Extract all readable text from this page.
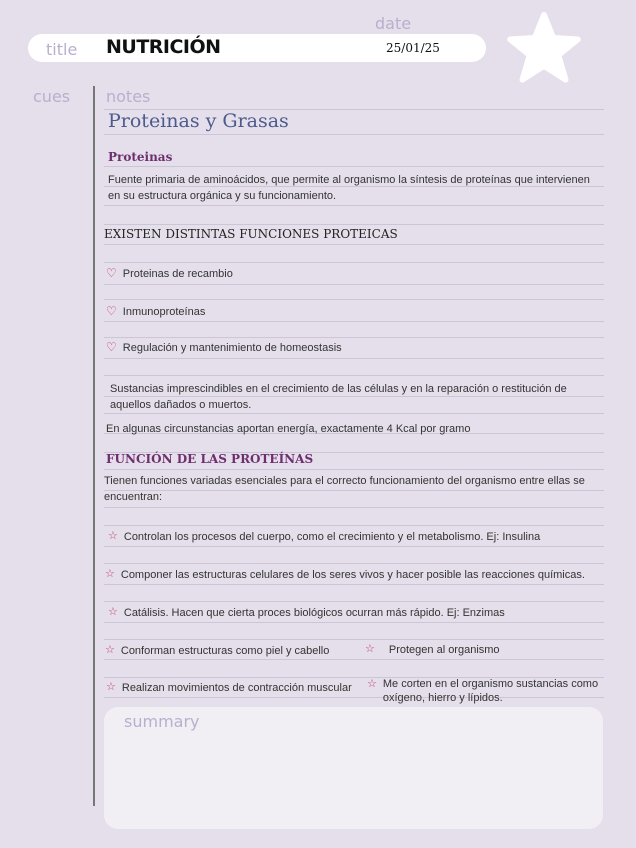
title NUTRICIÓN
date
25/01/25
cues notes
Proteinas y Grasas
Proteinas
Fuente primaria de aminoácidos, que permite al organismo la síntesis de proteínas que intervienen en su estructura orgánica y su funcionamiento.
EXISTEN DISTINTAS FUNCIONES PROTEICAS
♡ Proteinas de recambio
♡ Inmunoproteínas
♡ Regulación y mantenimiento de homeostasis
Sustancias imprescindibles en el crecimiento de las células y en la reparación o restitución de aquellos dañados o muertos.
En algunas circunstancias aportan energía, exactamente 4 Kcal por gramo
FUNCIÓN DE LAS PROTEÍNAS
Tienen funciones variadas esenciales para el correcto funcionamiento del organismo entre ellas se encuentran:
☆ Controlan los procesos del cuerpo, como el crecimiento y el metabolismo. Ej: Insulina
☆ Componer las estructuras celulares de los seres vivos y hacer posible las reacciones químicas.
☆ Catálisis. Hacen que cierta proces biológicos ocurran más rápido. Ej: Enzimas
☆ Conforman estructuras como piel y cabello	☆ Protegen al organismo
☆ Realizan movimientos de contracción muscular ☆ Me corten en el organismo sustancias como oxígeno, hierro y lípidos.
summary
